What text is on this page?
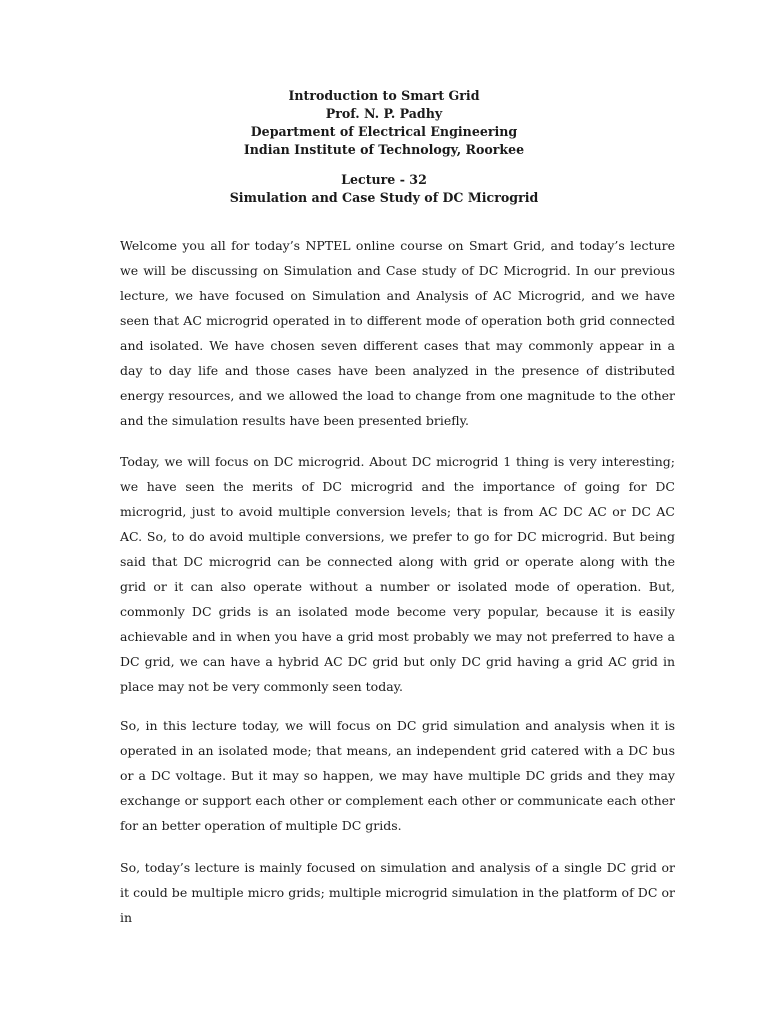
Introduction to Smart Grid
Prof. N. P. Padhy
Department of Electrical Engineering
Indian Institute of Technology, Roorkee
Lecture - 32
Simulation and Case Study of DC Microgrid

Welcome you all for today’s NPTEL online course on Smart Grid, and today’s lecture we will be discussing on Simulation and Case study of DC Microgrid. In our previous lecture, we have focused on Simulation and Analysis of AC Microgrid, and we have seen that AC microgrid operated in to different mode of operation both grid connected and isolated. We have chosen seven different cases that may commonly appear in a day to day life and those cases have been analyzed in the presence of distributed energy resources, and we allowed the load to change from one magnitude to the other and the simulation results have been presented briefly.

Today, we will focus on DC microgrid. About DC microgrid 1 thing is very interesting; we have seen the merits of DC microgrid and the importance of going for DC microgrid, just to avoid multiple conversion levels; that is from AC DC AC or DC AC AC. So, to do avoid multiple conversions, we prefer to go for DC microgrid. But being said that DC microgrid can be connected along with grid or operate along with the grid or it can also operate without a number or isolated mode of operation. But, commonly DC grids is an isolated mode become very popular, because it is easily achievable and in when you have a grid most probably we may not preferred to have a DC grid, we can have a hybrid AC DC grid but only DC grid having a grid AC grid in place may not be very commonly seen today.

So, in this lecture today, we will focus on DC grid simulation and analysis when it is operated in an isolated mode; that means, an independent grid catered with a DC bus or a DC voltage. But it may so happen, we may have multiple DC grids and they may exchange or support each other or complement each other or communicate each other for an better operation of multiple DC grids.

So, today’s lecture is mainly focused on simulation and analysis of a single DC grid or it could be multiple micro grids; multiple microgrid simulation in the platform of DC or in
